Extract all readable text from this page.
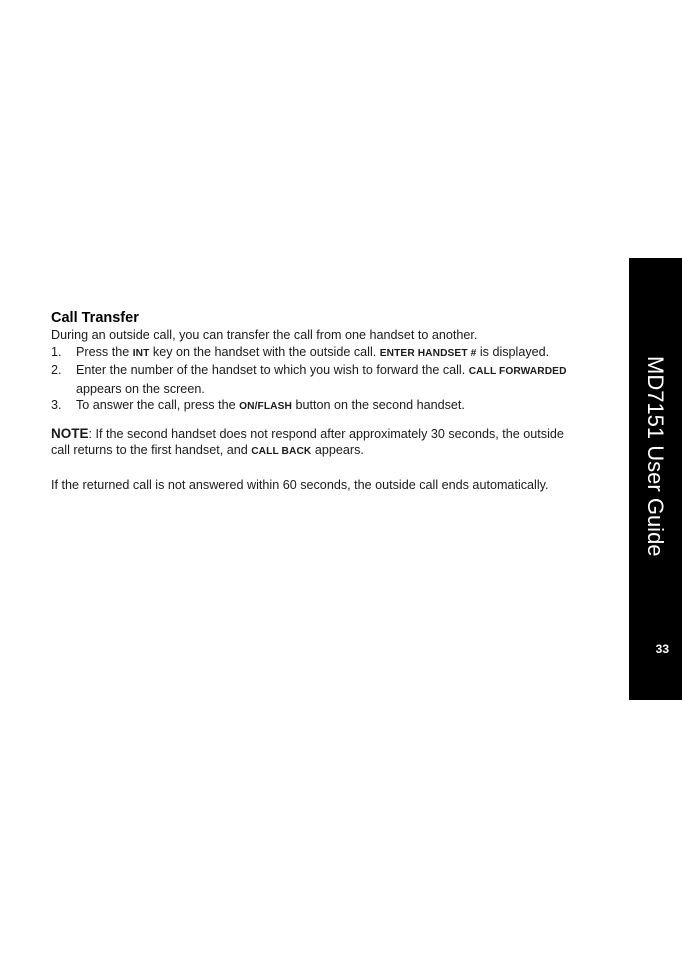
Call Transfer

During an outside call, you can transfer the call from one handset to another.

1. Press the INT key on the handset with the outside call. ENTER HANDSET # is displayed.
2. Enter the number of the handset to which you wish to forward the call. CALL FORWARDED appears on the screen.
3. To answer the call, press the ON/FLASH button on the second handset.

NOTE: If the second handset does not respond after approximately 30 seconds, the outside call returns to the first handset, and CALL BACK appears.

If the returned call is not answered within 60 seconds, the outside call ends automatically.	MD7151 User Guide
33
